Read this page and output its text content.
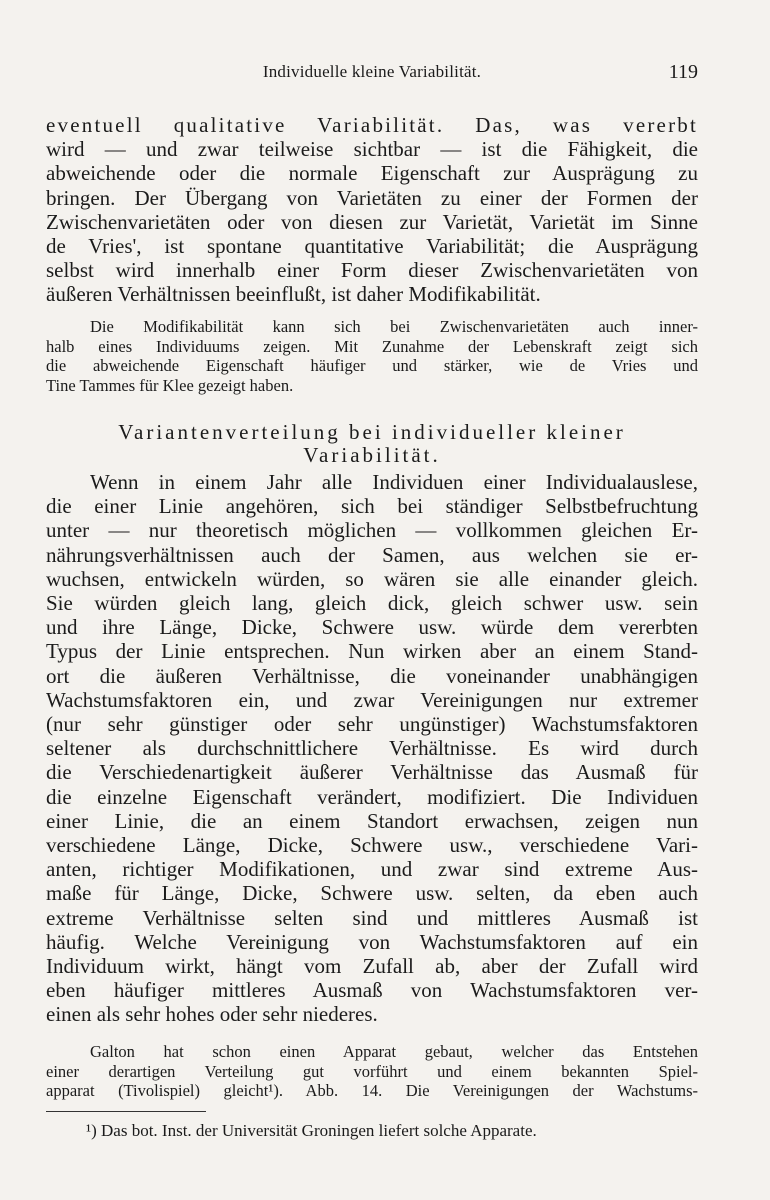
Individuelle kleine Variabilität.	119
eventuell qualitative Variabilität. Das, was vererbt
wird — und zwar teilweise sichtbar — ist die Fähigkeit, die
abweichende oder die normale Eigenschaft zur Ausprägung zu
bringen. Der Übergang von Varietäten zu einer der Formen der
Zwischenvarietäten oder von diesen zur Varietät, Varietät im Sinne
de Vries', ist spontane quantitative Variabilität; die Ausprägung
selbst wird innerhalb einer Form dieser Zwischenvarietäten von
äußeren Verhältnissen beeinflußt, ist daher Modifikabilität.
Die Modifikabilität kann sich bei Zwischenvarietäten auch inner-
halb eines Individuums zeigen. Mit Zunahme der Lebenskraft zeigt sich
die abweichende Eigenschaft häufiger und stärker, wie de Vries und
Tine Tammes für Klee gezeigt haben.
Variantenverteilung bei individueller kleiner
Variabilität.
Wenn in einem Jahr alle Individuen einer Individualauslese,
die einer Linie angehören, sich bei ständiger Selbstbefruchtung
unter — nur theoretisch möglichen — vollkommen gleichen Er-
nährungsverhältnissen auch der Samen, aus welchen sie er-
wuchsen, entwickeln würden, so wären sie alle einander gleich.
Sie würden gleich lang, gleich dick, gleich schwer usw. sein
und ihre Länge, Dicke, Schwere usw. würde dem vererbten
Typus der Linie entsprechen. Nun wirken aber an einem Stand-
ort die äußeren Verhältnisse, die voneinander unabhängigen
Wachstumsfaktoren ein, und zwar Vereinigungen nur extremer
(nur sehr günstiger oder sehr ungünstiger) Wachstumsfaktoren
seltener als durchschnittlichere Verhältnisse. Es wird durch
die Verschiedenartigkeit äußerer Verhältnisse das Ausmaß für
die einzelne Eigenschaft verändert, modifiziert. Die Individuen
einer Linie, die an einem Standort erwachsen, zeigen nun
verschiedene Länge, Dicke, Schwere usw., verschiedene Vari-
anten, richtiger Modifikationen, und zwar sind extreme Aus-
maße für Länge, Dicke, Schwere usw. selten, da eben auch
extreme Verhältnisse selten sind und mittleres Ausmaß ist
häufig. Welche Vereinigung von Wachstumsfaktoren auf ein
Individuum wirkt, hängt vom Zufall ab, aber der Zufall wird
eben häufiger mittleres Ausmaß von Wachstumsfaktoren ver-
einen als sehr hohes oder sehr niederes.
Galton hat schon einen Apparat gebaut, welcher das Entstehen
einer derartigen Verteilung gut vorführt und einem bekannten Spiel-
apparat (Tivolispiel) gleicht¹). Abb. 14. Die Vereinigungen der Wachstums-
¹) Das bot. Inst. der Universität Groningen liefert solche Apparate.
